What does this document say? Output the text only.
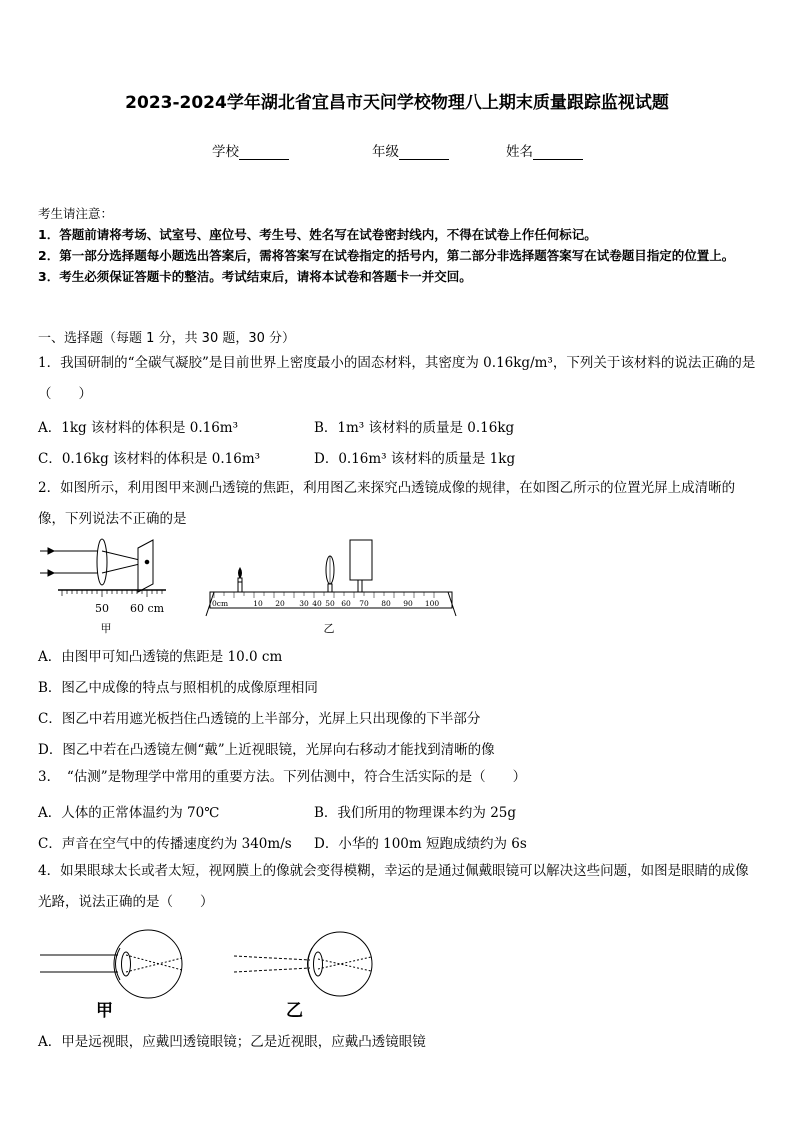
2023-2024学年湖北省宜昌市天问学校物理八上期末质量跟踪监视试题
学校	年级	姓名
考生请注意：
1．答题前请将考场、试室号、座位号、考生号、姓名写在试卷密封线内，不得在试卷上作任何标记。
2．第一部分选择题每小题选出答案后，需将答案写在试卷指定的括号内，第二部分非选择题答案写在试卷题目指定的位置上。
3．考生必须保证答题卡的整洁。考试结束后，请将本试卷和答题卡一并交回。
一、选择题（每题 1 分，共 30 题，30 分）
1．我国研制的“全碳气凝胶”是目前世界上密度最小的固态材料，其密度为 0.16kg/m³，下列关于该材料的说法正确的是（　　）
A．1kg 该材料的体积是 0.16m³	B．1m³ 该材料的质量是 0.16kg
C．0.16kg 该材料的体积是 0.16m³	D．0.16m³ 该材料的质量是 1kg
2．如图所示，利用图甲来测凸透镜的焦距，利用图乙来探究凸透镜成像的规律，在如图乙所示的位置光屏上成清晰的像，下列说法不正确的是
50 60 cm
甲
0cm	10 20 30 40 50 60 70 80 90 100
乙
A．由图甲可知凸透镜的焦距是 10.0 cm
B．图乙中成像的特点与照相机的成像原理相同
C．图乙中若用遮光板挡住凸透镜的上半部分，光屏上只出现像的下半部分
D．图乙中若在凸透镜左侧“戴”上近视眼镜，光屏向右移动才能找到清晰的像
3．　“估测”是物理学中常用的重要方法。下列估测中，符合生活实际的是（　　）
A．人体的正常体温约为 70℃	B．我们所用的物理课本约为 25g
C．声音在空气中的传播速度约为 340m/s D．小华的 100m 短跑成绩约为 6s
4．如果眼球太长或者太短，视网膜上的像就会变得模糊，幸运的是通过佩戴眼镜可以解决这些问题，如图是眼睛的成像光路，说法正确的是（　　）
甲	乙
A．甲是远视眼，应戴凹透镜眼镜；乙是近视眼，应戴凸透镜眼镜
